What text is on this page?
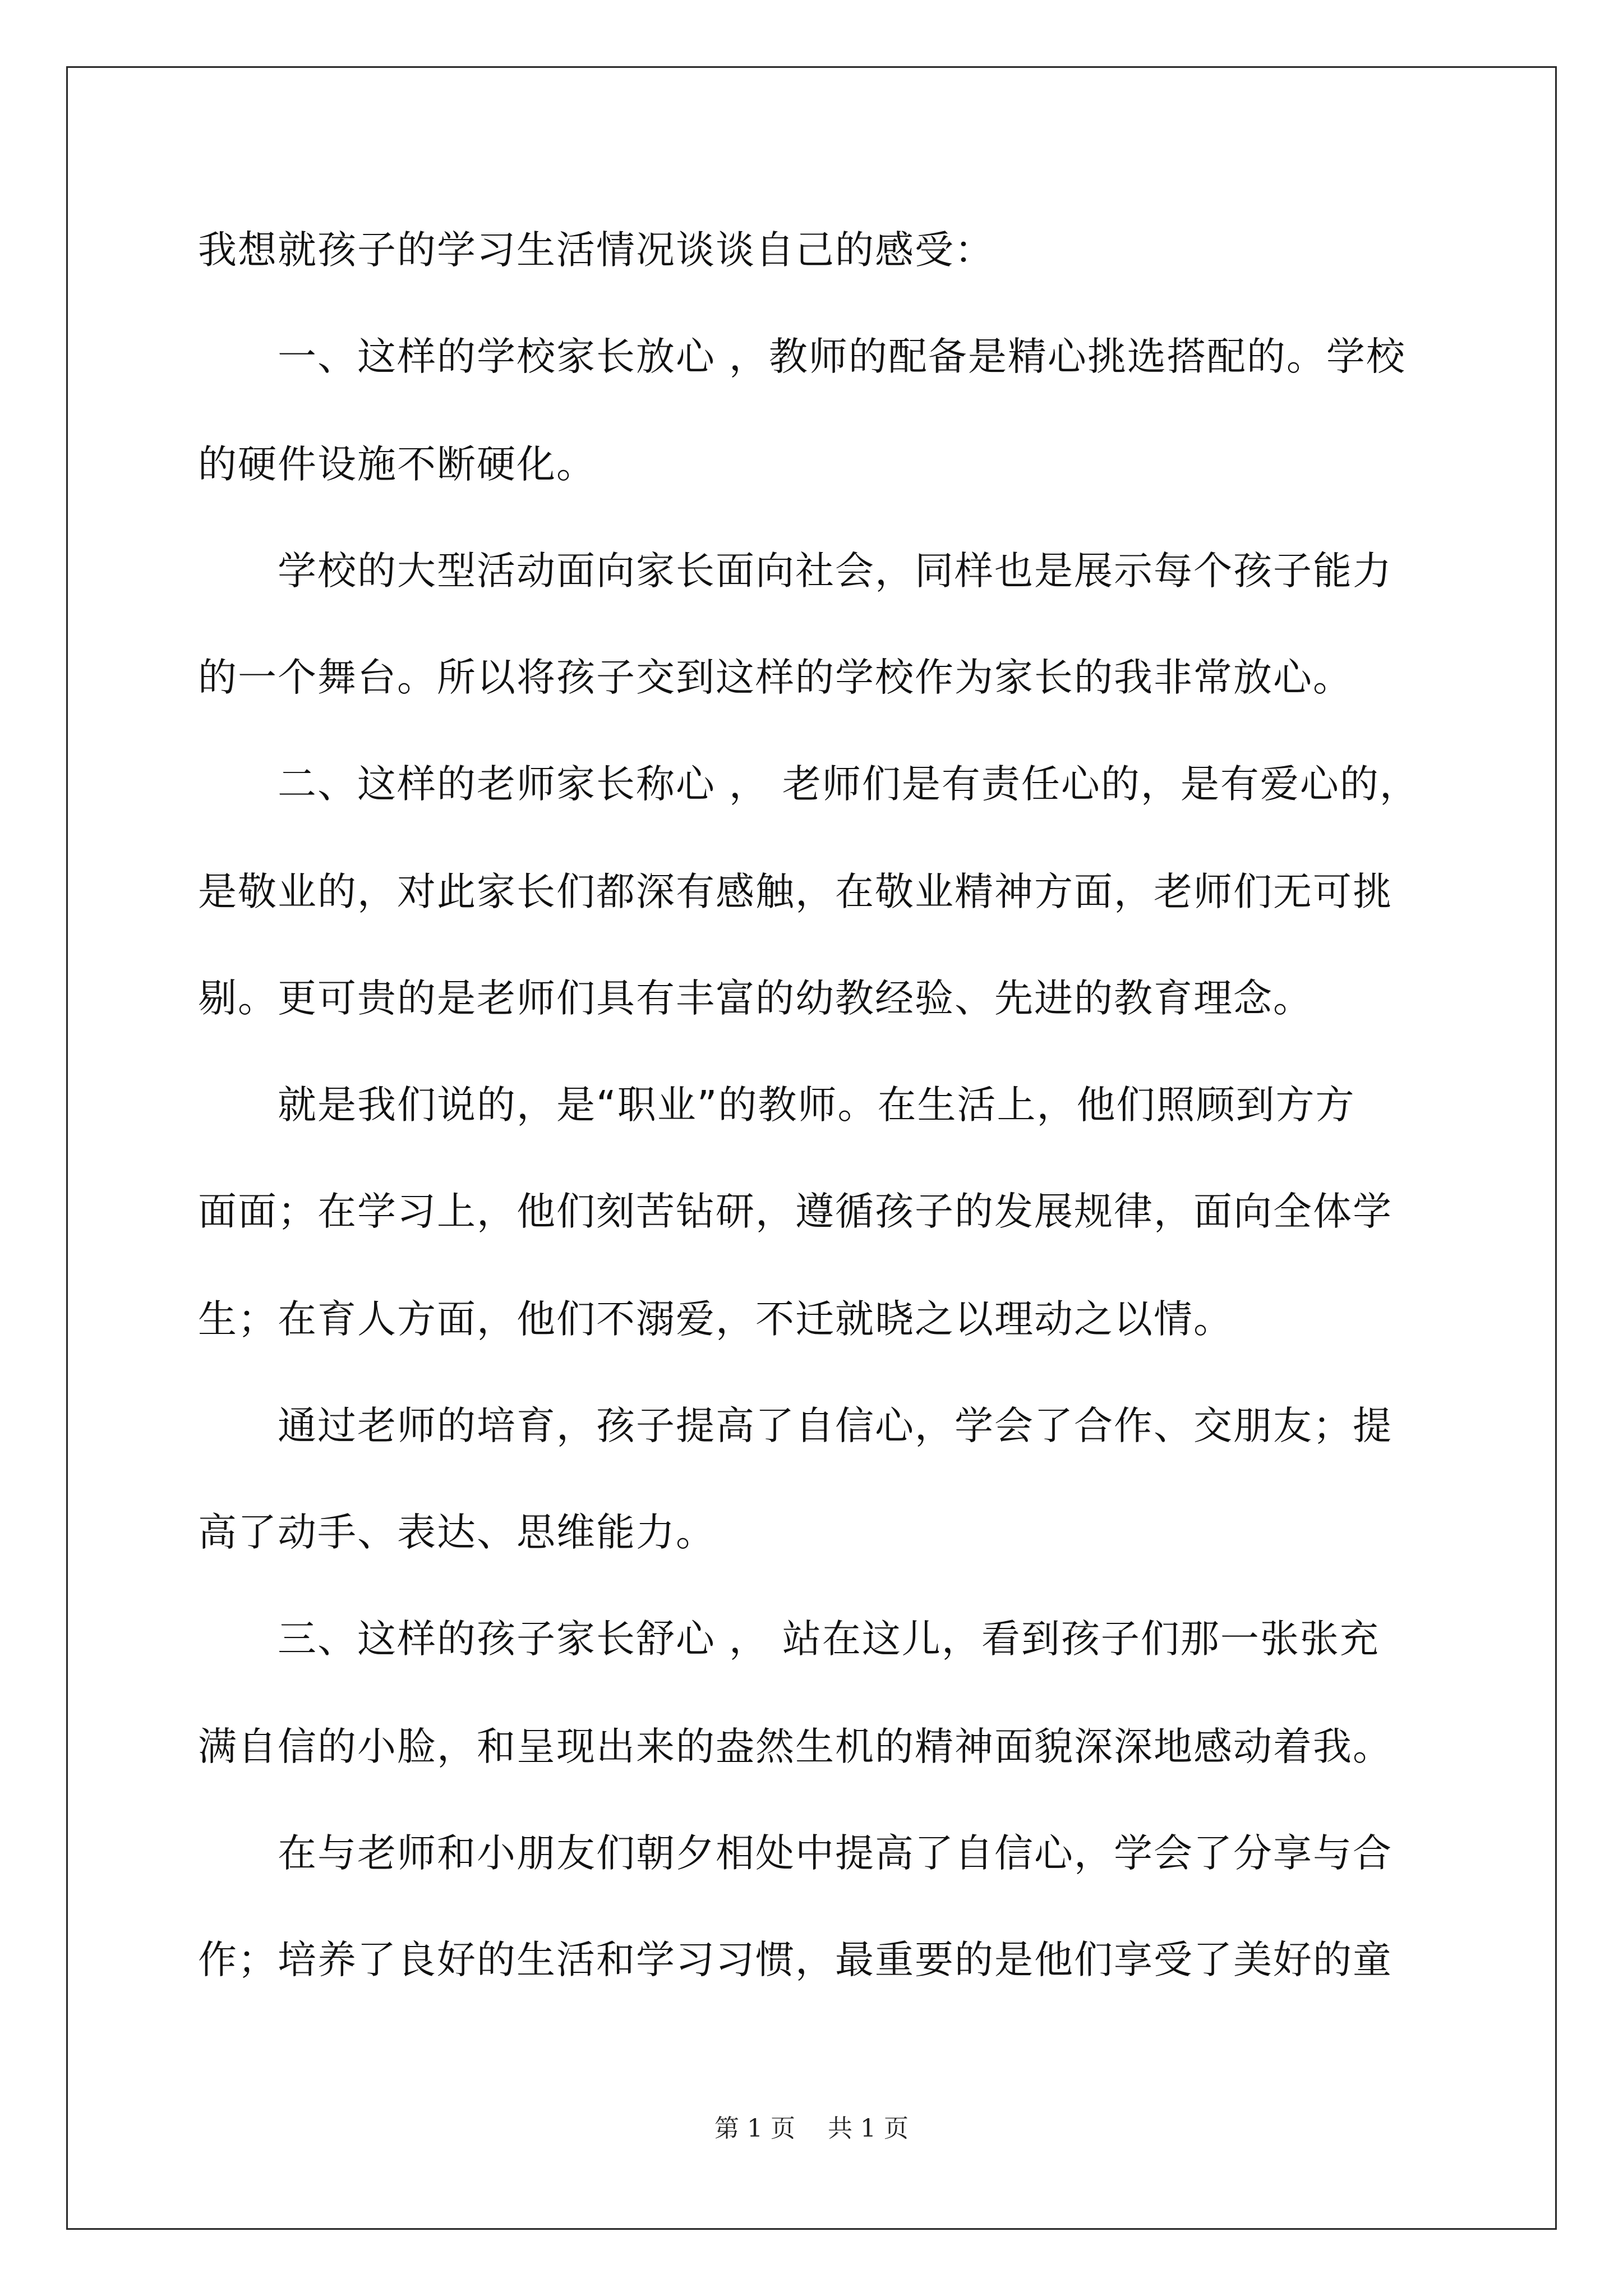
我想就孩子的学习生活情况谈谈自己的感受：
　　一、这样的学校家长放心 ，教师的配备是精心挑选搭配的。学校
的硬件设施不断硬化。
　　学校的大型活动面向家长面向社会，同样也是展示每个孩子能力
的一个舞台。所以将孩子交到这样的学校作为家长的我非常放心。
　　二、这样的老师家长称心 ， 老师们是有责任心的，是有爱心的，
是敬业的，对此家长们都深有感触，在敬业精神方面，老师们无可挑
剔。更可贵的是老师们具有丰富的幼教经验、先进的教育理念。
　　就是我们说的，是“职业”的教师。在生活上，他们照顾到方方
面面；在学习上，他们刻苦钻研，遵循孩子的发展规律，面向全体学
生；在育人方面，他们不溺爱，不迁就晓之以理动之以情。
　　通过老师的培育，孩子提高了自信心，学会了合作、交朋友；提
高了动手、表达、思维能力。
　　三、这样的孩子家长舒心 ， 站在这儿，看到孩子们那一张张充
满自信的小脸，和呈现出来的盎然生机的精神面貌深深地感动着我。
　　在与老师和小朋友们朝夕相处中提高了自信心，学会了分享与合
作；培养了良好的生活和学习习惯，最重要的是他们享受了美好的童
第 1 页　 共 1 页
